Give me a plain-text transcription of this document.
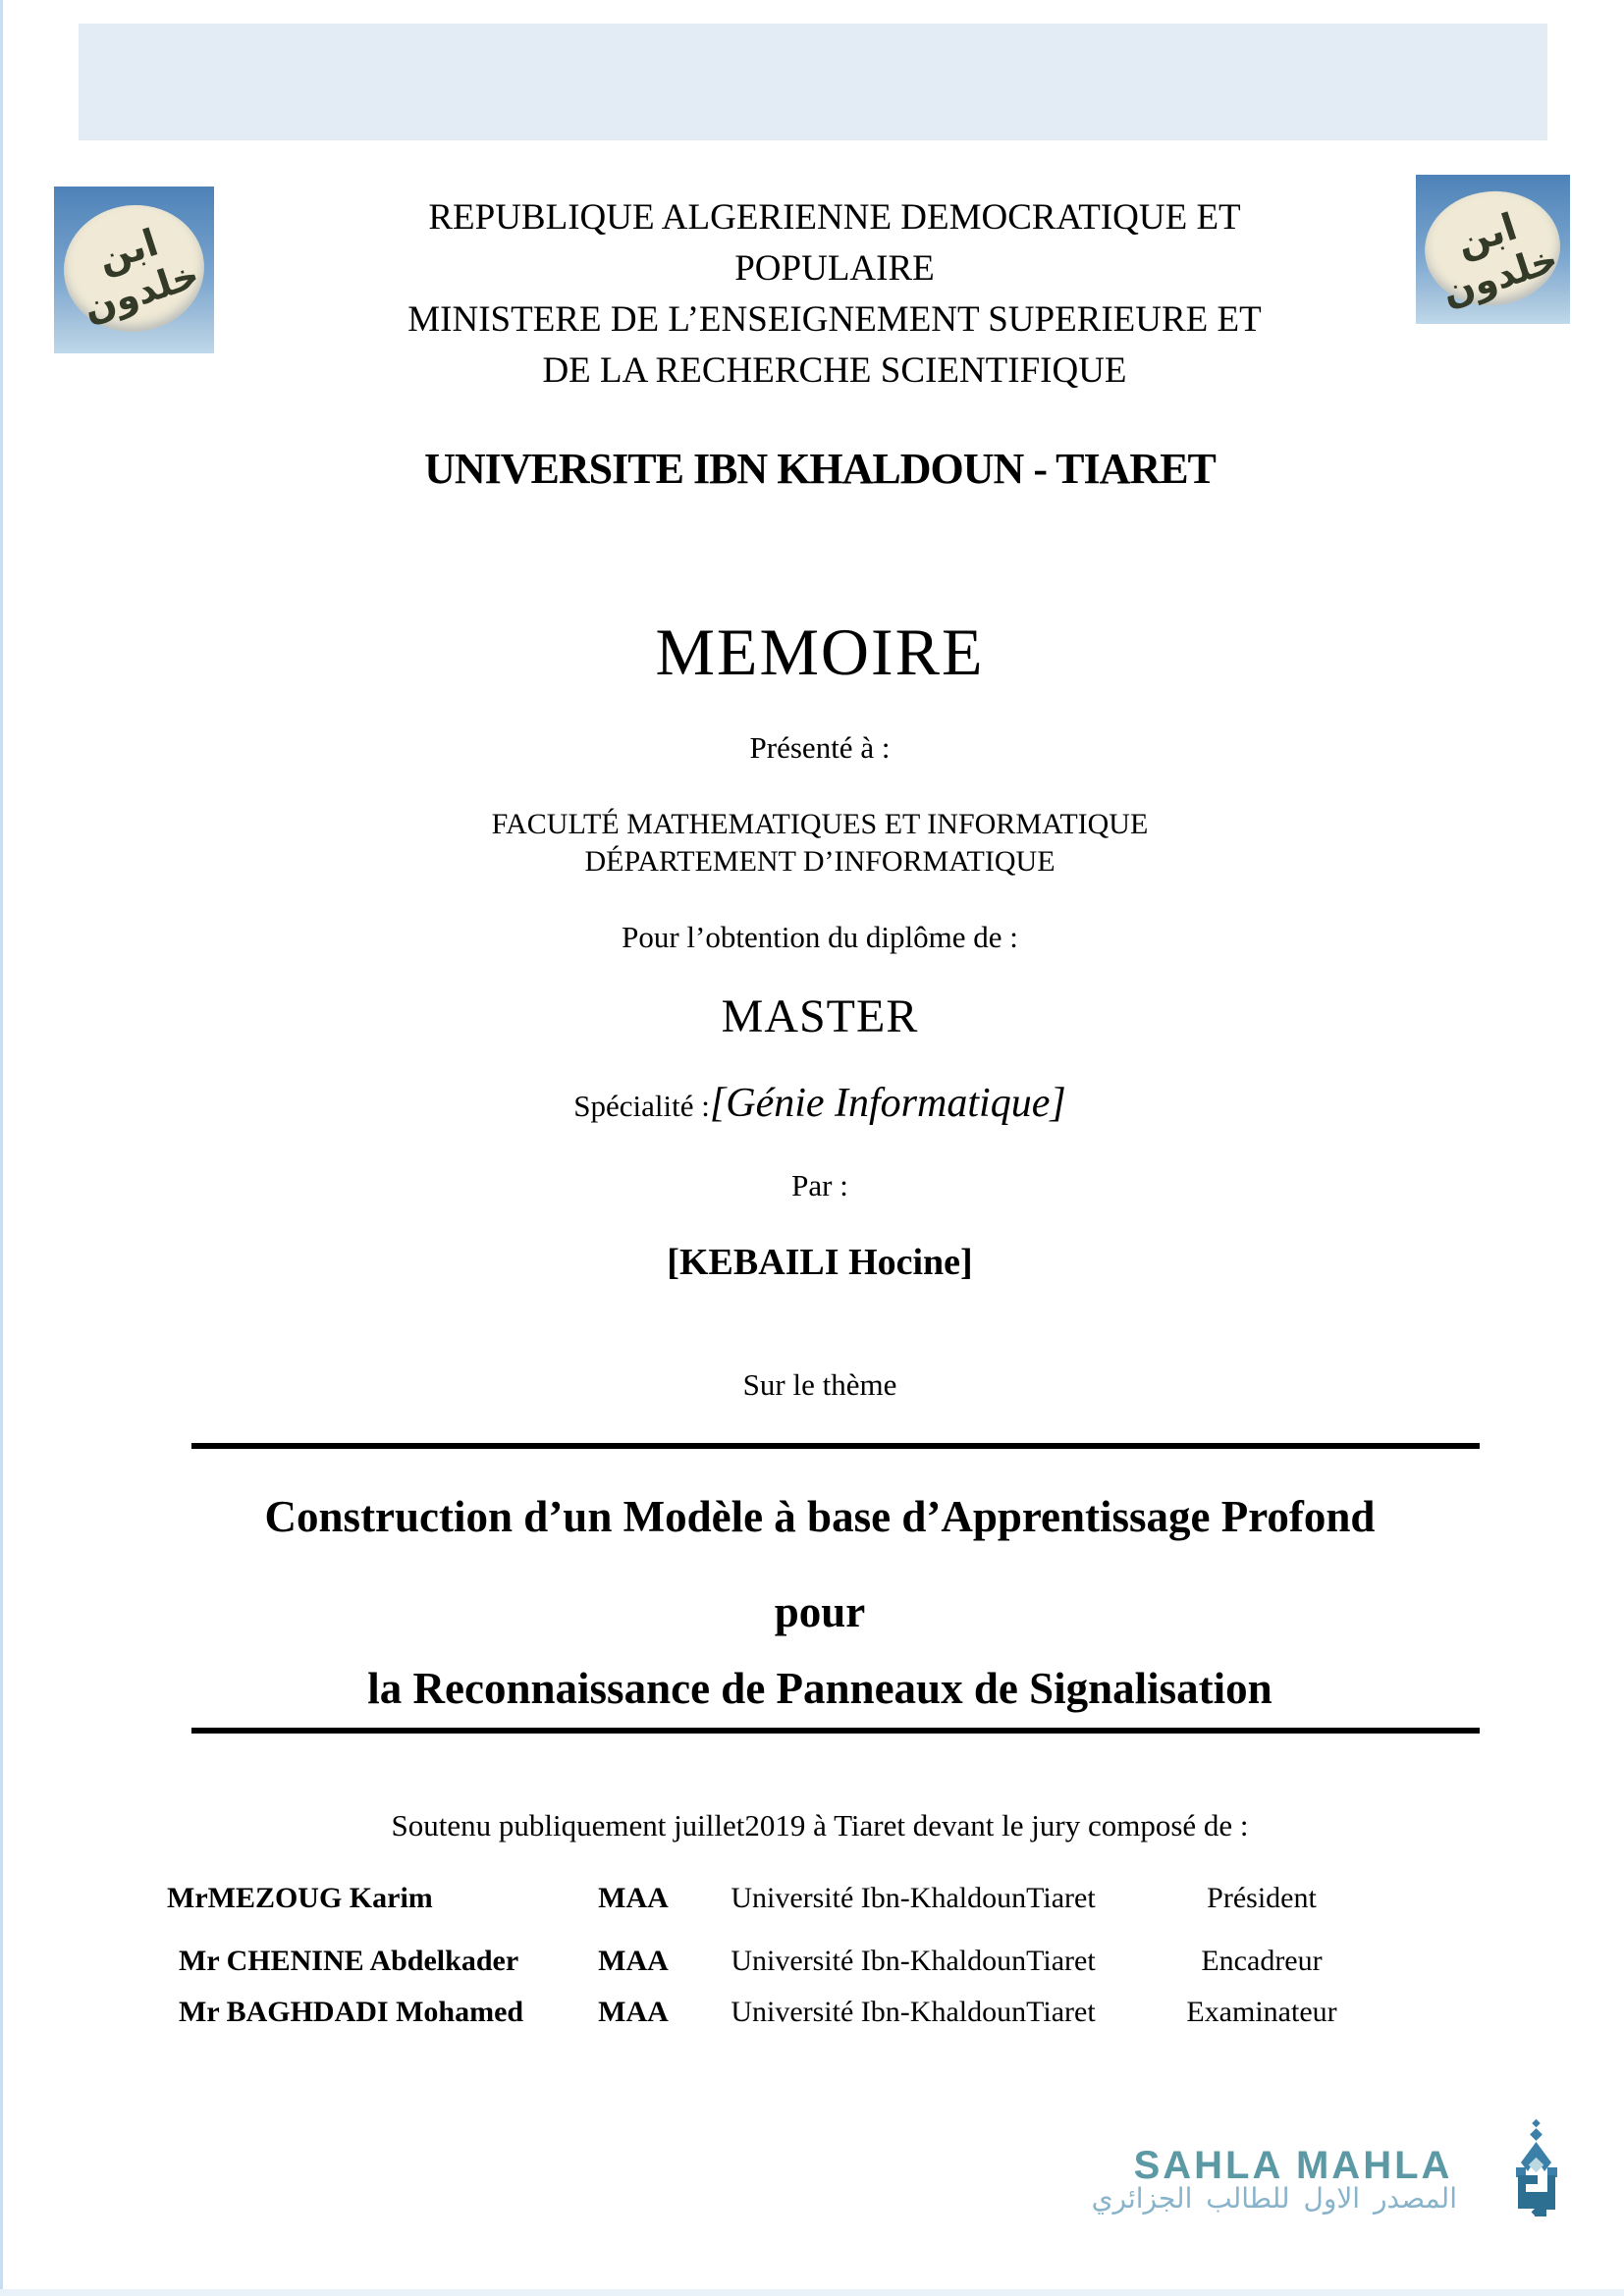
ابن خلدون
ابن خلدون
REPUBLIQUE ALGERIENNE DEMOCRATIQUE ET
POPULAIRE
MINISTERE DE L’ENSEIGNEMENT SUPERIEURE ET
DE LA RECHERCHE SCIENTIFIQUE
UNIVERSITE IBN KHALDOUN - TIARET
MEMOIRE
Présenté à :
FACULTÉ MATHEMATIQUES ET INFORMATIQUE
DÉPARTEMENT D’INFORMATIQUE
Pour l’obtention du diplôme de :
MASTER
Spécialité :[Génie Informatique]
Par :
[KEBAILI Hocine]
Sur le thème
Construction d’un Modèle à base d’Apprentissage Profond
pour
la Reconnaissance de Panneaux de Signalisation
Soutenu publiquement juillet2019 à Tiaret devant le jury composé de :
MrMEZOUG Karim	MAA	Université Ibn-KhaldounTiaret	Président
Mr CHENINE Abdelkader	MAA	Université Ibn-KhaldounTiaret	Encadreur
Mr BAGHDADI Mohamed	MAA	Université Ibn-KhaldounTiaret	Examinateur
SAHLA MAHLA
المصدر الاول للطالب الجزائري
